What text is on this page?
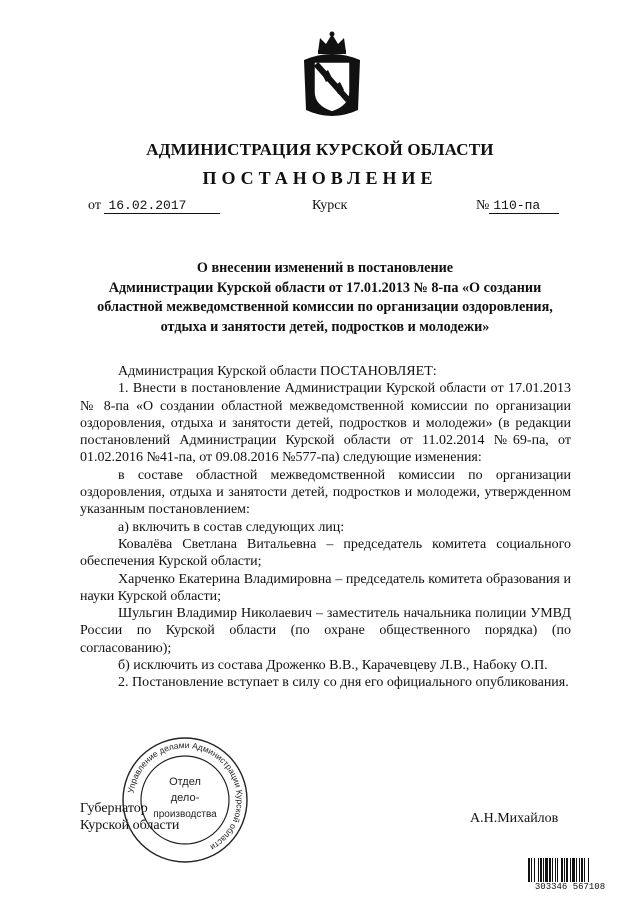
АДМИНИСТРАЦИЯ КУРСКОЙ ОБЛАСТИ
ПОСТАНОВЛЕНИЕ
от 16.02.2017	Курск	№ 110-па
О внесении изменений в постановление
Администрации Курской области от 17.01.2013 № 8-па «О создании
областной межведомственной комиссии по организации оздоровления,
отдыха и занятости детей, подростков и молодежи»

Администрация Курской области ПОСТАНОВЛЯЕТ:

1. Внести в постановление Администрации Курской области от 17.01.2013 № 8-па «О создании областной межведомственной комиссии по организации оздоровления, отдыха и занятости детей, подростков и молодежи» (в редакции постановлений Администрации Курской области от 11.02.2014 №69-па, от 01.02.2016 №41-па, от 09.08.2016 №577-па) следующие изменения:

в составе областной межведомственной комиссии по организации оздоровления, отдыха и занятости детей, подростков и молодежи, утвержденном указанным постановлением:

а) включить в состав следующих лиц:

Ковалёва Светлана Витальевна – председатель комитета социального обеспечения Курской области;

Харченко Екатерина Владимировна – председатель комитета образования и науки Курской области;

Шульгин Владимир Николаевич – заместитель начальника полиции УМВД России по Курской области (по охране общественного порядка) (по согласованию);

б) исключить из состава Дроженко В.В., Карачевцеву Л.В., Набоку О.П.

2. Постановление вступает в силу со дня его официального опубликования.

Губернатор
Курской области	А.Н.Михайлов
Управление делами Администрации Курской области
Отдел
дело-
производства
303346 567108
